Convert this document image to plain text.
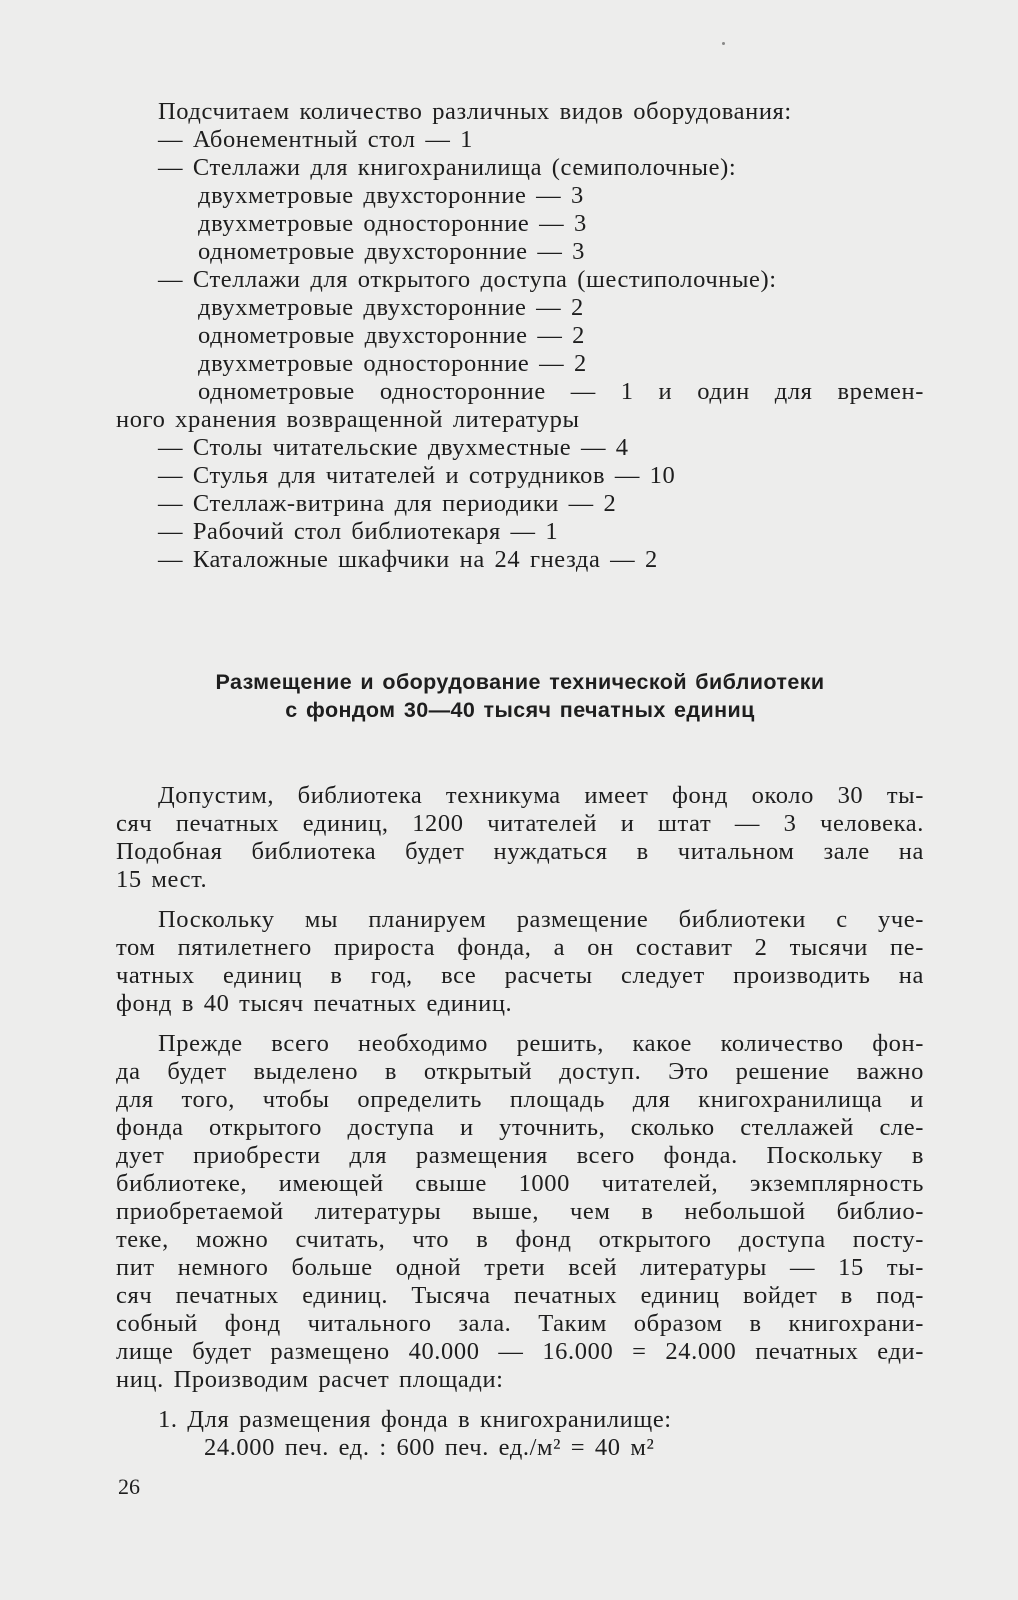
Подсчитаем количество различных видов оборудования:
— Абонементный стол — 1
— Стеллажи для книгохранилища (семиполочные):
двухметровые двухсторонние — 3
двухметровые односторонние — 3
однометровые двухсторонние — 3
— Стеллажи для открытого доступа (шестиполочные):
двухметровые двухсторонние — 2
однометровые двухсторонние — 2
двухметровые односторонние — 2
однометровые односторонние — 1 и один для времен-
ного хранения возвращенной литературы
— Столы читательские двухместные — 4
— Стулья для читателей и сотрудников — 10
— Стеллаж-витрина для периодики — 2
— Рабочий стол библиотекаря — 1
— Каталожные шкафчики на 24 гнезда — 2
Размещение и оборудование технической библиотеки
с фондом 30—40 тысяч печатных единиц
Допустим, библиотека техникума имеет фонд около 30 ты-
сяч печатных единиц, 1200 читателей и штат — 3 человека.
Подобная библиотека будет нуждаться в читальном зале на
15 мест.
Поскольку мы планируем размещение библиотеки с уче-
том пятилетнего прироста фонда, а он составит 2 тысячи пе-
чатных единиц в год, все расчеты следует производить на
фонд в 40 тысяч печатных единиц.
Прежде всего необходимо решить, какое количество фон-
да будет выделено в открытый доступ. Это решение важно
для того, чтобы определить площадь для книгохранилища и
фонда открытого доступа и уточнить, сколько стеллажей сле-
дует приобрести для размещения всего фонда. Поскольку в
библиотеке, имеющей свыше 1000 читателей, экземплярность
приобретаемой литературы выше, чем в небольшой библио-
теке, можно считать, что в фонд открытого доступа посту-
пит немного больше одной трети всей литературы — 15 ты-
сяч печатных единиц. Тысяча печатных единиц войдет в под-
собный фонд читального зала. Таким образом в книгохрани-
лище будет размещено 40.000 — 16.000 = 24.000 печатных еди-
ниц. Производим расчет площади:
1. Для размещения фонда в книгохранилище:
24.000 печ. ед. : 600 печ. ед./м² = 40 м²
26
